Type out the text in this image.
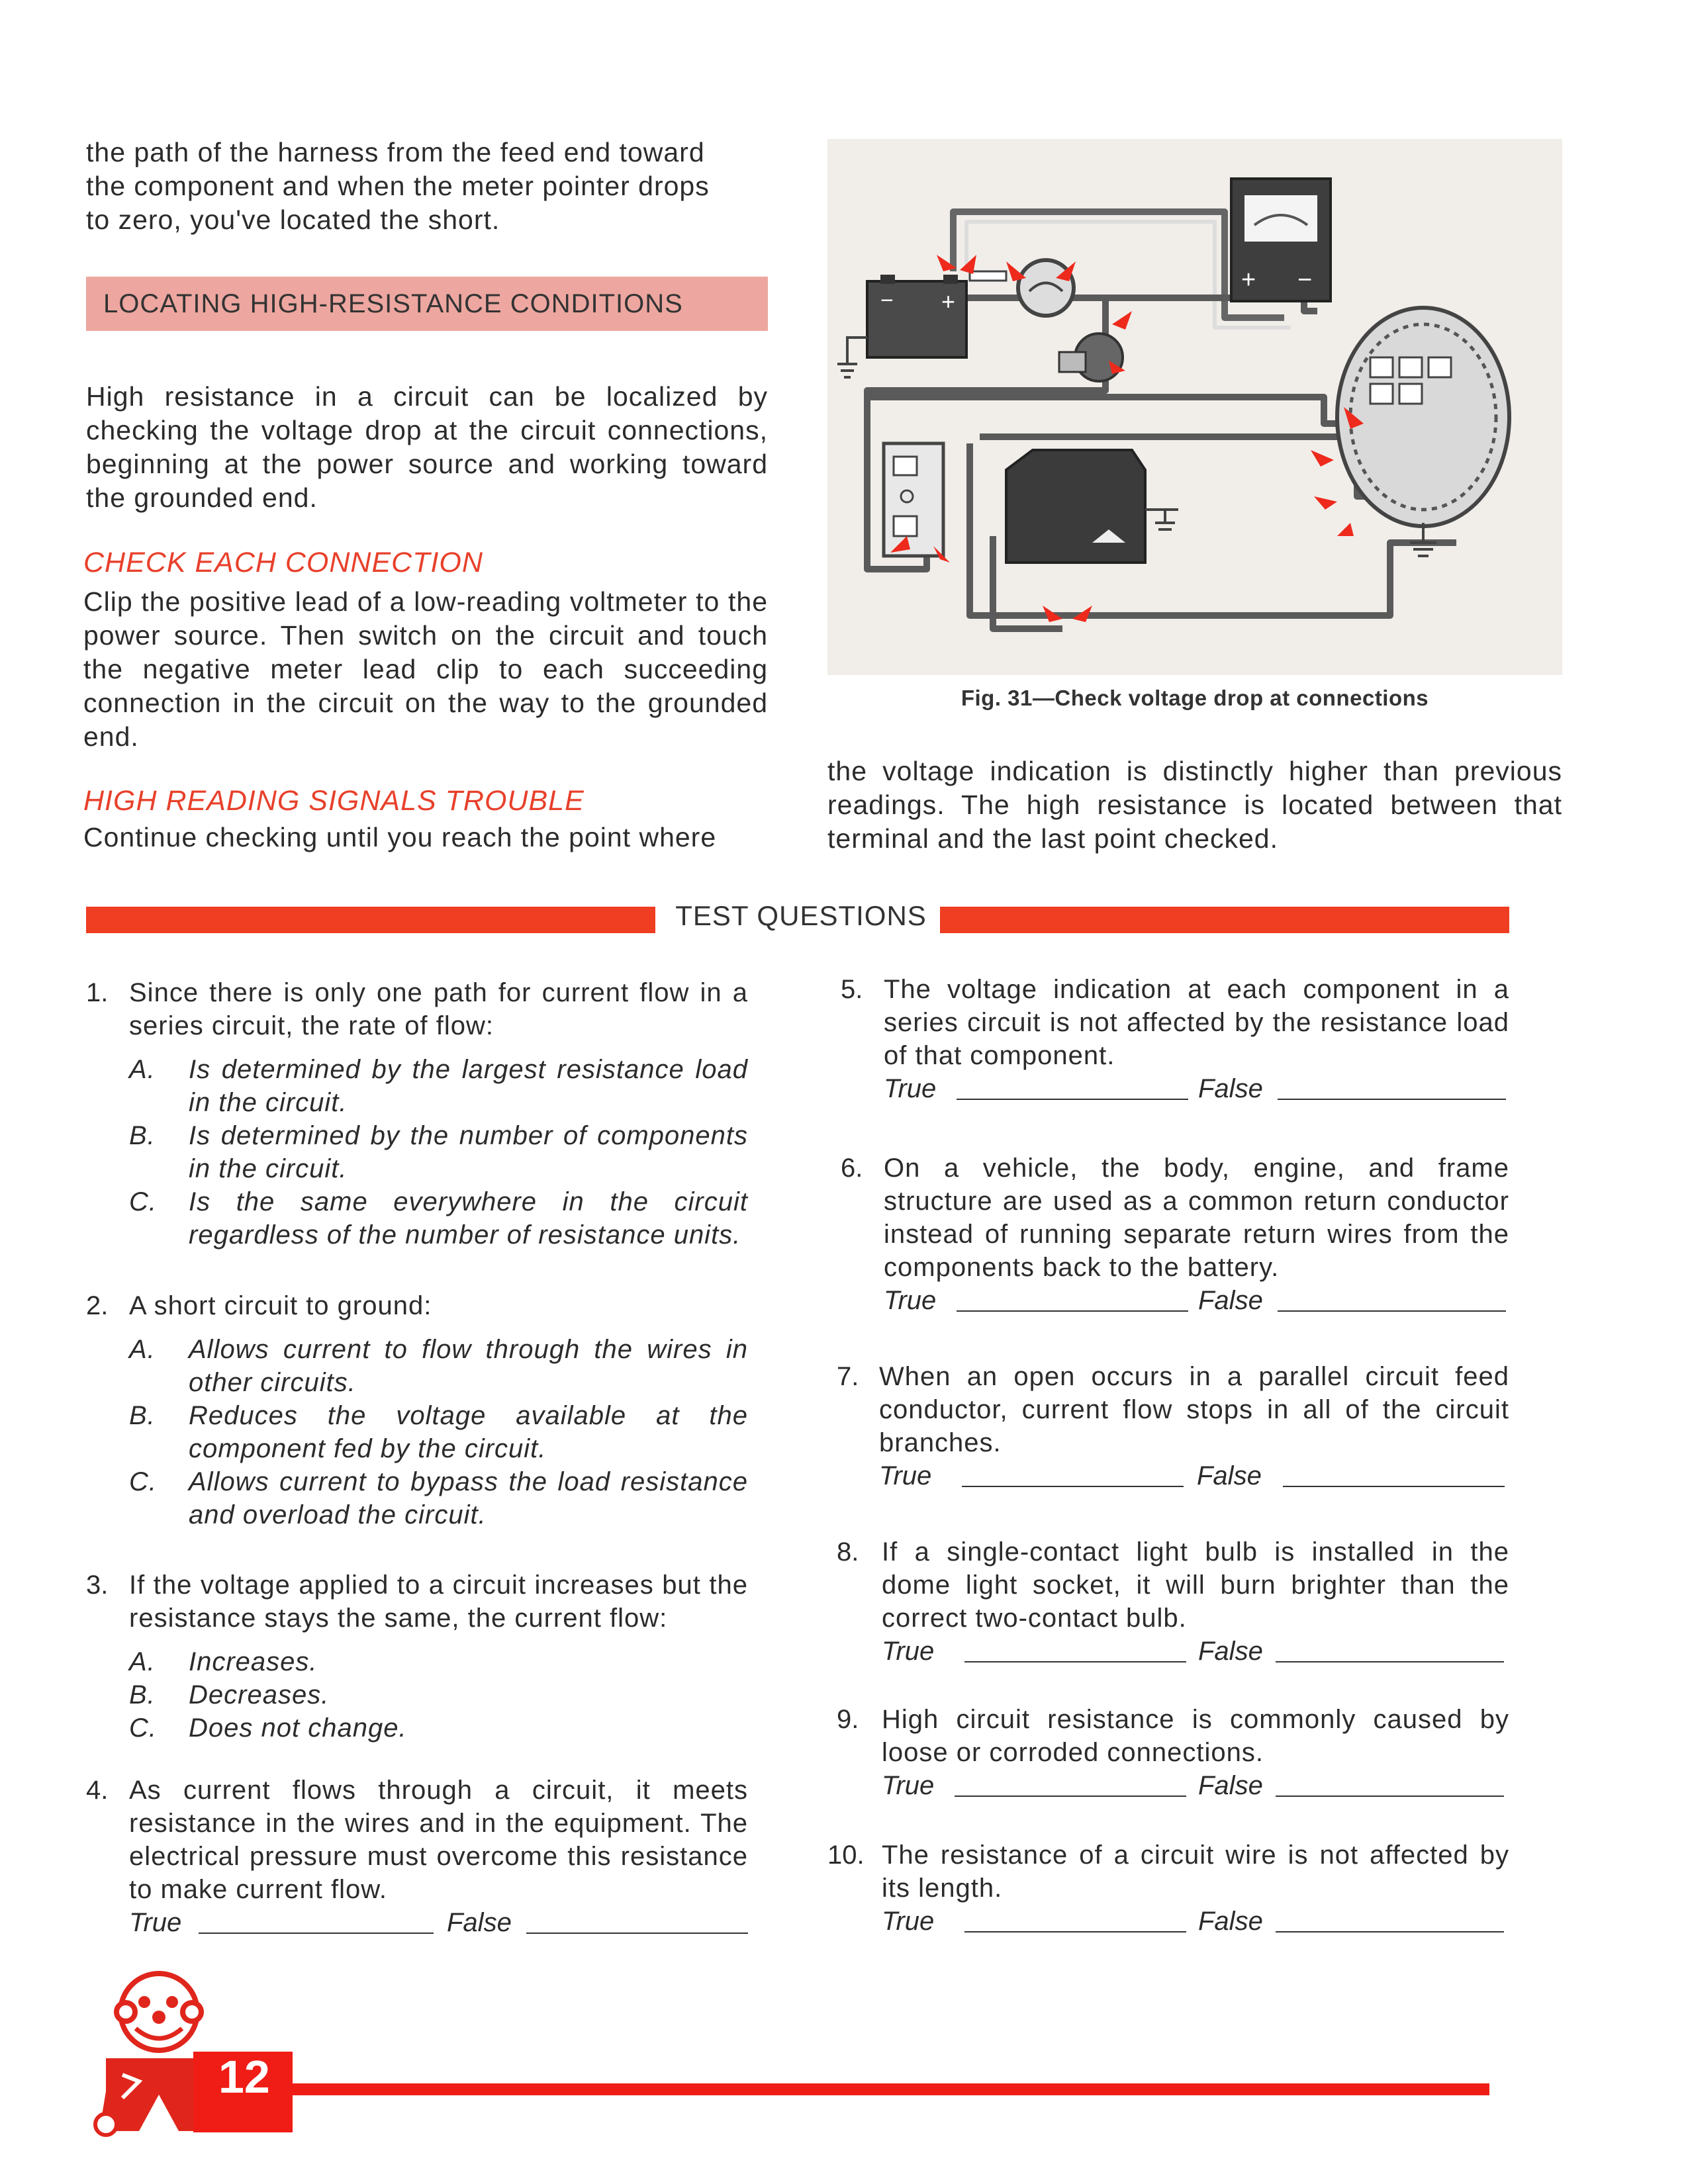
the path of the harness from the feed end toward

the component and when the meter pointer drops

to zero, you've located the short.

LOCATING HIGH-RESISTANCE CONDITIONS

High resistance in a circuit can be localized by checking the voltage drop at the circuit connections, beginning at the power source and working toward the grounded end.

CHECK EACH CONNECTION

Clip the positive lead of a low-reading voltmeter to the power source. Then switch on the circuit and touch the negative meter lead clip to each succeeding connection in the circuit on the way to the grounded end.

HIGH READING SIGNALS TROUBLE

Continue checking until you reach the point where

− +
+ −
Fig. 31—Check voltage drop at connections

the voltage indication is distinctly higher than previous readings. The high resistance is located between that terminal and the last point checked.

TEST QUESTIONS
1. Since there is only one path for current flow in a series circuit, the rate of flow:

A. Is determined by the largest resistance load in the circuit.
B. Is determined by the number of components in the circuit.
C. Is the same everywhere in the circuit regardless of the number of resistance units.
2. A short circuit to ground:

A. Allows current to flow through the wires in other circuits.
B. Reduces the voltage available at the component fed by the circuit.
C. Allows current to bypass the load resistance and overload the circuit.
3. If the voltage applied to a circuit increases but the resistance stays the same, the current flow:

A. Increases.
B. Decreases.
C. Does not change.
4. As current flows through a circuit, it meets resistance in the wires and in the equipment. The electrical pressure must overcome this resistance to make current flow.

True	False
5. The voltage indication at each component in a series circuit is not affected by the resistance load of that component.

True	False
6. On a vehicle, the body, engine, and frame structure are used as a common return conductor instead of running separate return wires from the components back to the battery.

True	False
7. When an open occurs in a parallel circuit feed conductor, current flow stops in all of the circuit branches.

True	False
8. If a single-contact light bulb is installed in the dome light socket, it will burn brighter than the correct two-contact bulb.

True	False
9. High circuit resistance is commonly caused by loose or corroded connections.

True	False
10. The resistance of a circuit wire is not affected by its length.

True	False
12
